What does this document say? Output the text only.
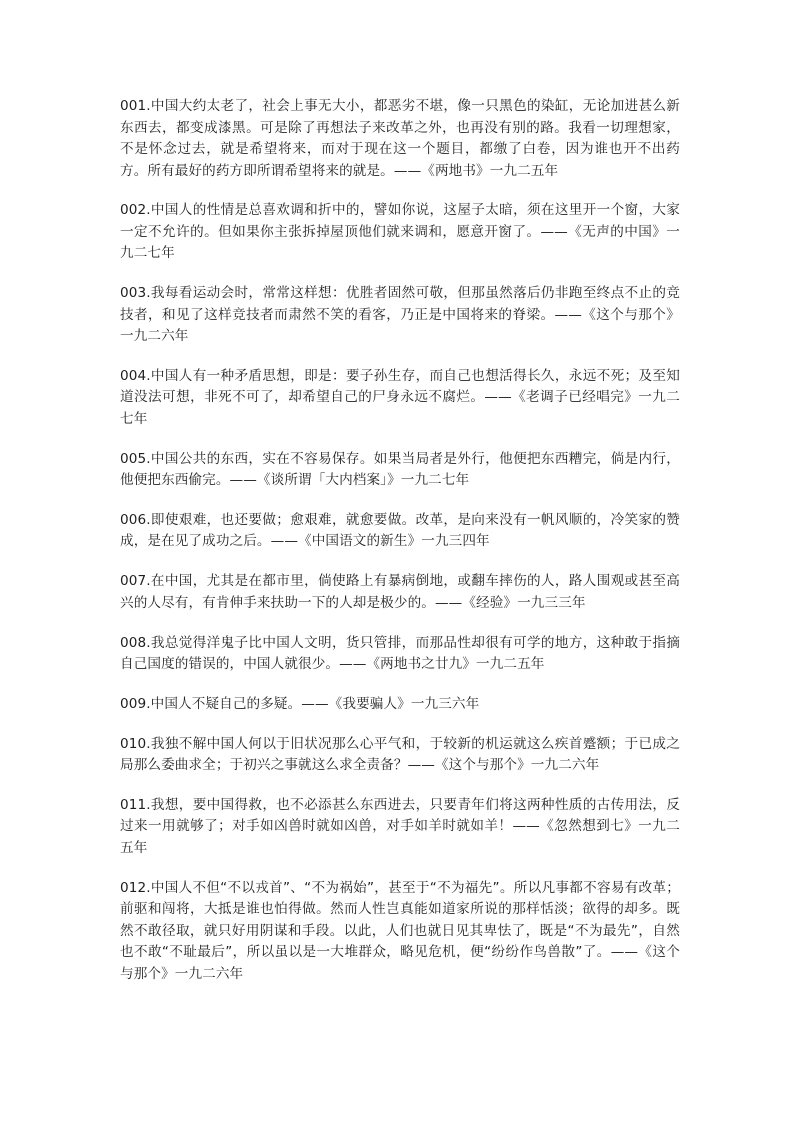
001.中国大约太老了，社会上事无大小，都恶劣不堪，像一只黑色的染缸，无论加进甚么新东西去，都变成漆黑。可是除了再想法子来改革之外，也再没有别的路。我看一切理想家，不是怀念过去，就是希望将来，而对于现在这一个题目，都缴了白卷，因为谁也开不出药方。所有最好的药方即所谓希望将来的就是。——《两地书》一九二五年

002.中国人的性情是总喜欢调和折中的，譬如你说，这屋子太暗，须在这里开一个窗，大家一定不允许的。但如果你主张拆掉屋顶他们就来调和，愿意开窗了。——《无声的中国》一九二七年

003.我每看运动会时，常常这样想：优胜者固然可敬，但那虽然落后仍非跑至终点不止的竞技者，和见了这样竞技者而肃然不笑的看客，乃正是中国将来的脊梁。——《这个与那个》一九二六年

004.中国人有一种矛盾思想，即是：要子孙生存，而自己也想活得长久，永远不死；及至知道没法可想，非死不可了，却希望自己的尸身永远不腐烂。——《老调子已经唱完》一九二七年

005.中国公共的东西，实在不容易保存。如果当局者是外行，他便把东西糟完，倘是内行，他便把东西偷完。——《谈所谓「大内档案」》一九二七年

006.即使艰难，也还要做；愈艰难，就愈要做。改革，是向来没有一帆风顺的，冷笑家的赞成，是在见了成功之后。——《中国语文的新生》一九三四年

007.在中国，尤其是在都市里，倘使路上有暴病倒地，或翻车摔伤的人，路人围观或甚至高兴的人尽有，有肯伸手来扶助一下的人却是极少的。——《经验》一九三三年

008.我总觉得洋鬼子比中国人文明，货只管排，而那品性却很有可学的地方，这种敢于指摘自己国度的错误的，中国人就很少。——《两地书之廿九》一九二五年

009.中国人不疑自己的多疑。——《我要骗人》一九三六年

010.我独不解中国人何以于旧状况那么心平气和，于较新的机运就这么疾首蹙额；于已成之局那么委曲求全；于初兴之事就这么求全责备？——《这个与那个》一九二六年

011.我想，要中国得救，也不必添甚么东西进去，只要青年们将这两种性质的古传用法，反过来一用就够了；对手如凶兽时就如凶兽，对手如羊时就如羊！——《忽然想到七》一九二五年

012.中国人不但“不以戎首”、“不为祸始”，甚至于“不为福先”。所以凡事都不容易有改革；前驱和闯将，大抵是谁也怕得做。然而人性岂真能如道家所说的那样恬淡；欲得的却多。既然不敢径取，就只好用阴谋和手段。以此，人们也就日见其卑怯了，既是“不为最先”，自然也不敢“不耻最后”，所以虽以是一大堆群众，略见危机，便“纷纷作鸟兽散”了。——《这个与那个》一九二六年
